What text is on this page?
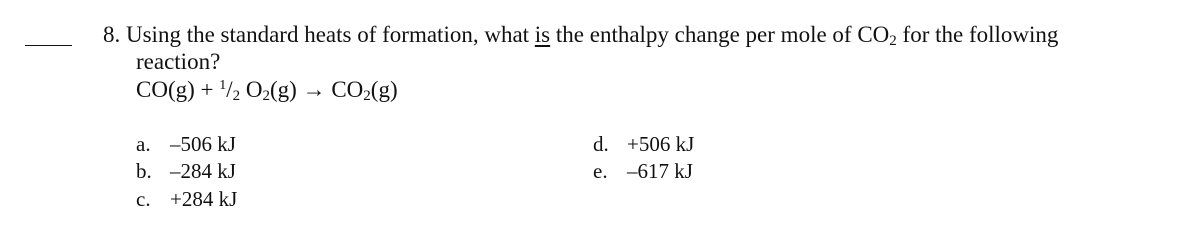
8. Using the standard heats of formation, what is the enthalpy change per mole of $CO_2$ for the following
reaction?
CO(g) + $^1$/2 $O_2(g) \to CO_2(g)$
a. –506 kJ
b. –284 kJ
c. +284 kJ
d. +506 kJ
e. –617 kJ
